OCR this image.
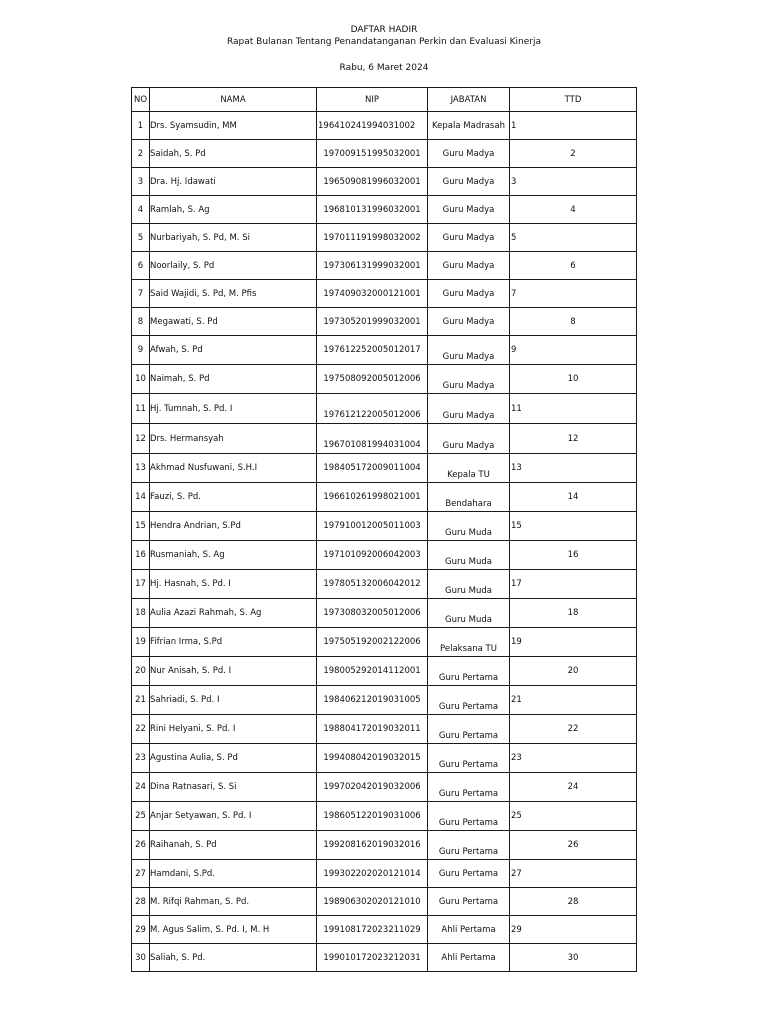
DAFTAR HADIR
Rapat Bulanan Tentang Penandatanganan Perkin dan Evaluasi Kinerja
Rabu, 6 Maret 2024
NO	NAMA	NIP	JABATAN	TTD
1	Drs. Syamsudin, MM	196410241994031002	Kepala Madrasah	1
2	Saidah, S. Pd	197009151995032001	Guru Madya	2
3	Dra. Hj. Idawati	196509081996032001	Guru Madya	3
4	Ramlah, S. Ag	196810131996032001	Guru Madya	4
5	Nurbariyah, S. Pd, M. Si	197011191998032002	Guru Madya	5
6	Noorlaily, S. Pd	197306131999032001	Guru Madya	6
7	Said Wajidi, S. Pd, M. Pfis	197409032000121001	Guru Madya	7
8	Megawati, S. Pd	197305201999032001	Guru Madya	8
9	Afwah, S. Pd	197612252005012017	Guru Madya	9
10	Naimah, S. Pd	197508092005012006	Guru Madya	10
11	Hj. Tumnah, S. Pd. I	197612122005012006	Guru Madya	11
12	Drs. Hermansyah	196701081994031004	Guru Madya	12
13	Akhmad Nusfuwani, S.H.I	198405172009011004	Kepala TU	13
14	Fauzi, S. Pd.	196610261998021001	Bendahara	14
15	Hendra Andrian, S.Pd	197910012005011003	Guru Muda	15
16	Rusmaniah, S. Ag	197101092006042003	Guru Muda	16
17	Hj. Hasnah, S. Pd. I	197805132006042012	Guru Muda	17
18	Aulia Azazi Rahmah, S. Ag	197308032005012006	Guru Muda	18
19	Fifrian Irma, S.Pd	197505192002122006	Pelaksana TU	19
20	Nur Anisah, S. Pd. I	198005292014112001	Guru Pertama	20
21	Sahriadi, S. Pd. I	198406212019031005	Guru Pertama	21
22	Rini Helyani, S. Pd. I	198804172019032011	Guru Pertama	22
23	Agustina Aulia, S. Pd	199408042019032015	Guru Pertama	23
24	Dina Ratnasari, S. Si	199702042019032006	Guru Pertama	24
25	Anjar Setyawan, S. Pd. I	198605122019031006	Guru Pertama	25
26	Raihanah, S. Pd	199208162019032016	Guru Pertama	26
27	Hamdani, S.Pd.	199302202020121014	Guru Pertama	27
28	M. Rifqi Rahman, S. Pd.	198906302020121010	Guru Pertama	28
29	M. Agus Salim, S. Pd. I, M. H	199108172023211029	Ahli Pertama	29
30	Saliah, S. Pd.	199010172023212031	Ahli Pertama	30
